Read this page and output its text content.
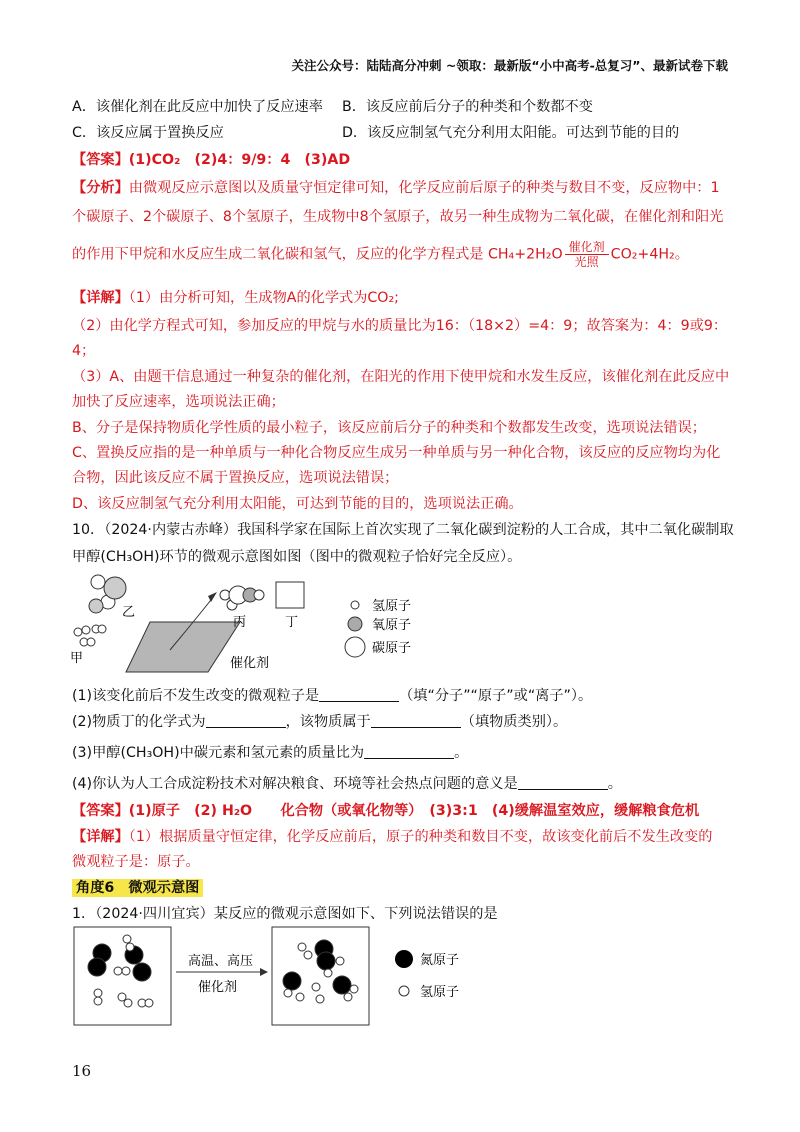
关注公众号：陆陆高分冲刺 ~领取：最新版“小中高考-总复习”、最新试卷下载
A．该催化剂在此反应中加快了反应速率 B．该反应前后分子的种类和个数都不变
C．该反应属于置换反应	D．该反应制氢气充分利用太阳能。可达到节能的目的
【答案】(1)CO₂　(2)4：9/9：4　(3)AD
【分析】由微观反应示意图以及质量守恒定律可知，化学反应前后原子的种类与数目不变，反应物中：1
个碳原子、2个碳原子、8个氢原子，生成物中8个氢原子，故另一种生成物为二氧化碳，在催化剂和阳光
的作用下甲烷和水反应生成二氧化碳和氢气，反应的化学方程式是 $CH_4+2H_2O \frac{\text{催化剂}}{\text{光照}} CO_2+4H_2$。
【详解】（1）由分析可知，生成物A的化学式为CO₂;
（2）由化学方程式可知，参加反应的甲烷与水的质量比为16：（18×2）=4：9；故答案为：4：9或9：
4；
（3）A、由题干信息通过一种复杂的催化剂，在阳光的作用下使甲烷和水发生反应，该催化剂在此反应中
加快了反应速率，选项说法正确；
B、分子是保持物质化学性质的最小粒子，该反应前后分子的种类和个数都发生改变，选项说法错误；
C、置换反应指的是一种单质与一种化合物反应生成另一种单质与另一种化合物，该反应的反应物均为化
合物，因此该反应不属于置换反应，选项说法错误；
D、该反应制氢气充分利用太阳能，可达到节能的目的，选项说法正确。
10．（2024·内蒙古赤峰）我国科学家在国际上首次实现了二氧化碳到淀粉的人工合成，其中二氧化碳制取
甲醇(CH₃OH)环节的微观示意图如图（图中的微观粒子恰好完全反应）。
乙
甲
丙	丁
催化剂
氢原子
氧原子
碳原子
(1)该变化前后不发生改变的微观粒子是	（填“分子”“原子”或“离子”）。
(2)物质丁的化学式为	，该物质属于	（填物质类别）。
(3)甲醇(CH₃OH)中碳元素和氢元素的质量比为	。
(4)你认为人工合成淀粉技术对解决粮食、环境等社会热点问题的意义是	。
【答案】(1)原子　(2) H₂O　　化合物（或氧化物等）　(3)3:1　(4)缓解温室效应，缓解粮食危机
【详解】（1）根据质量守恒定律，化学反应前后，原子的种类和数目不变，故该变化前后不发生改变的
微观粒子是：原子。
角度6　微观示意图
1．（2024·四川宜宾）某反应的微观示意图如下、下列说法错误的是
高温、高压
催化剂
氮原子
氢原子
16
